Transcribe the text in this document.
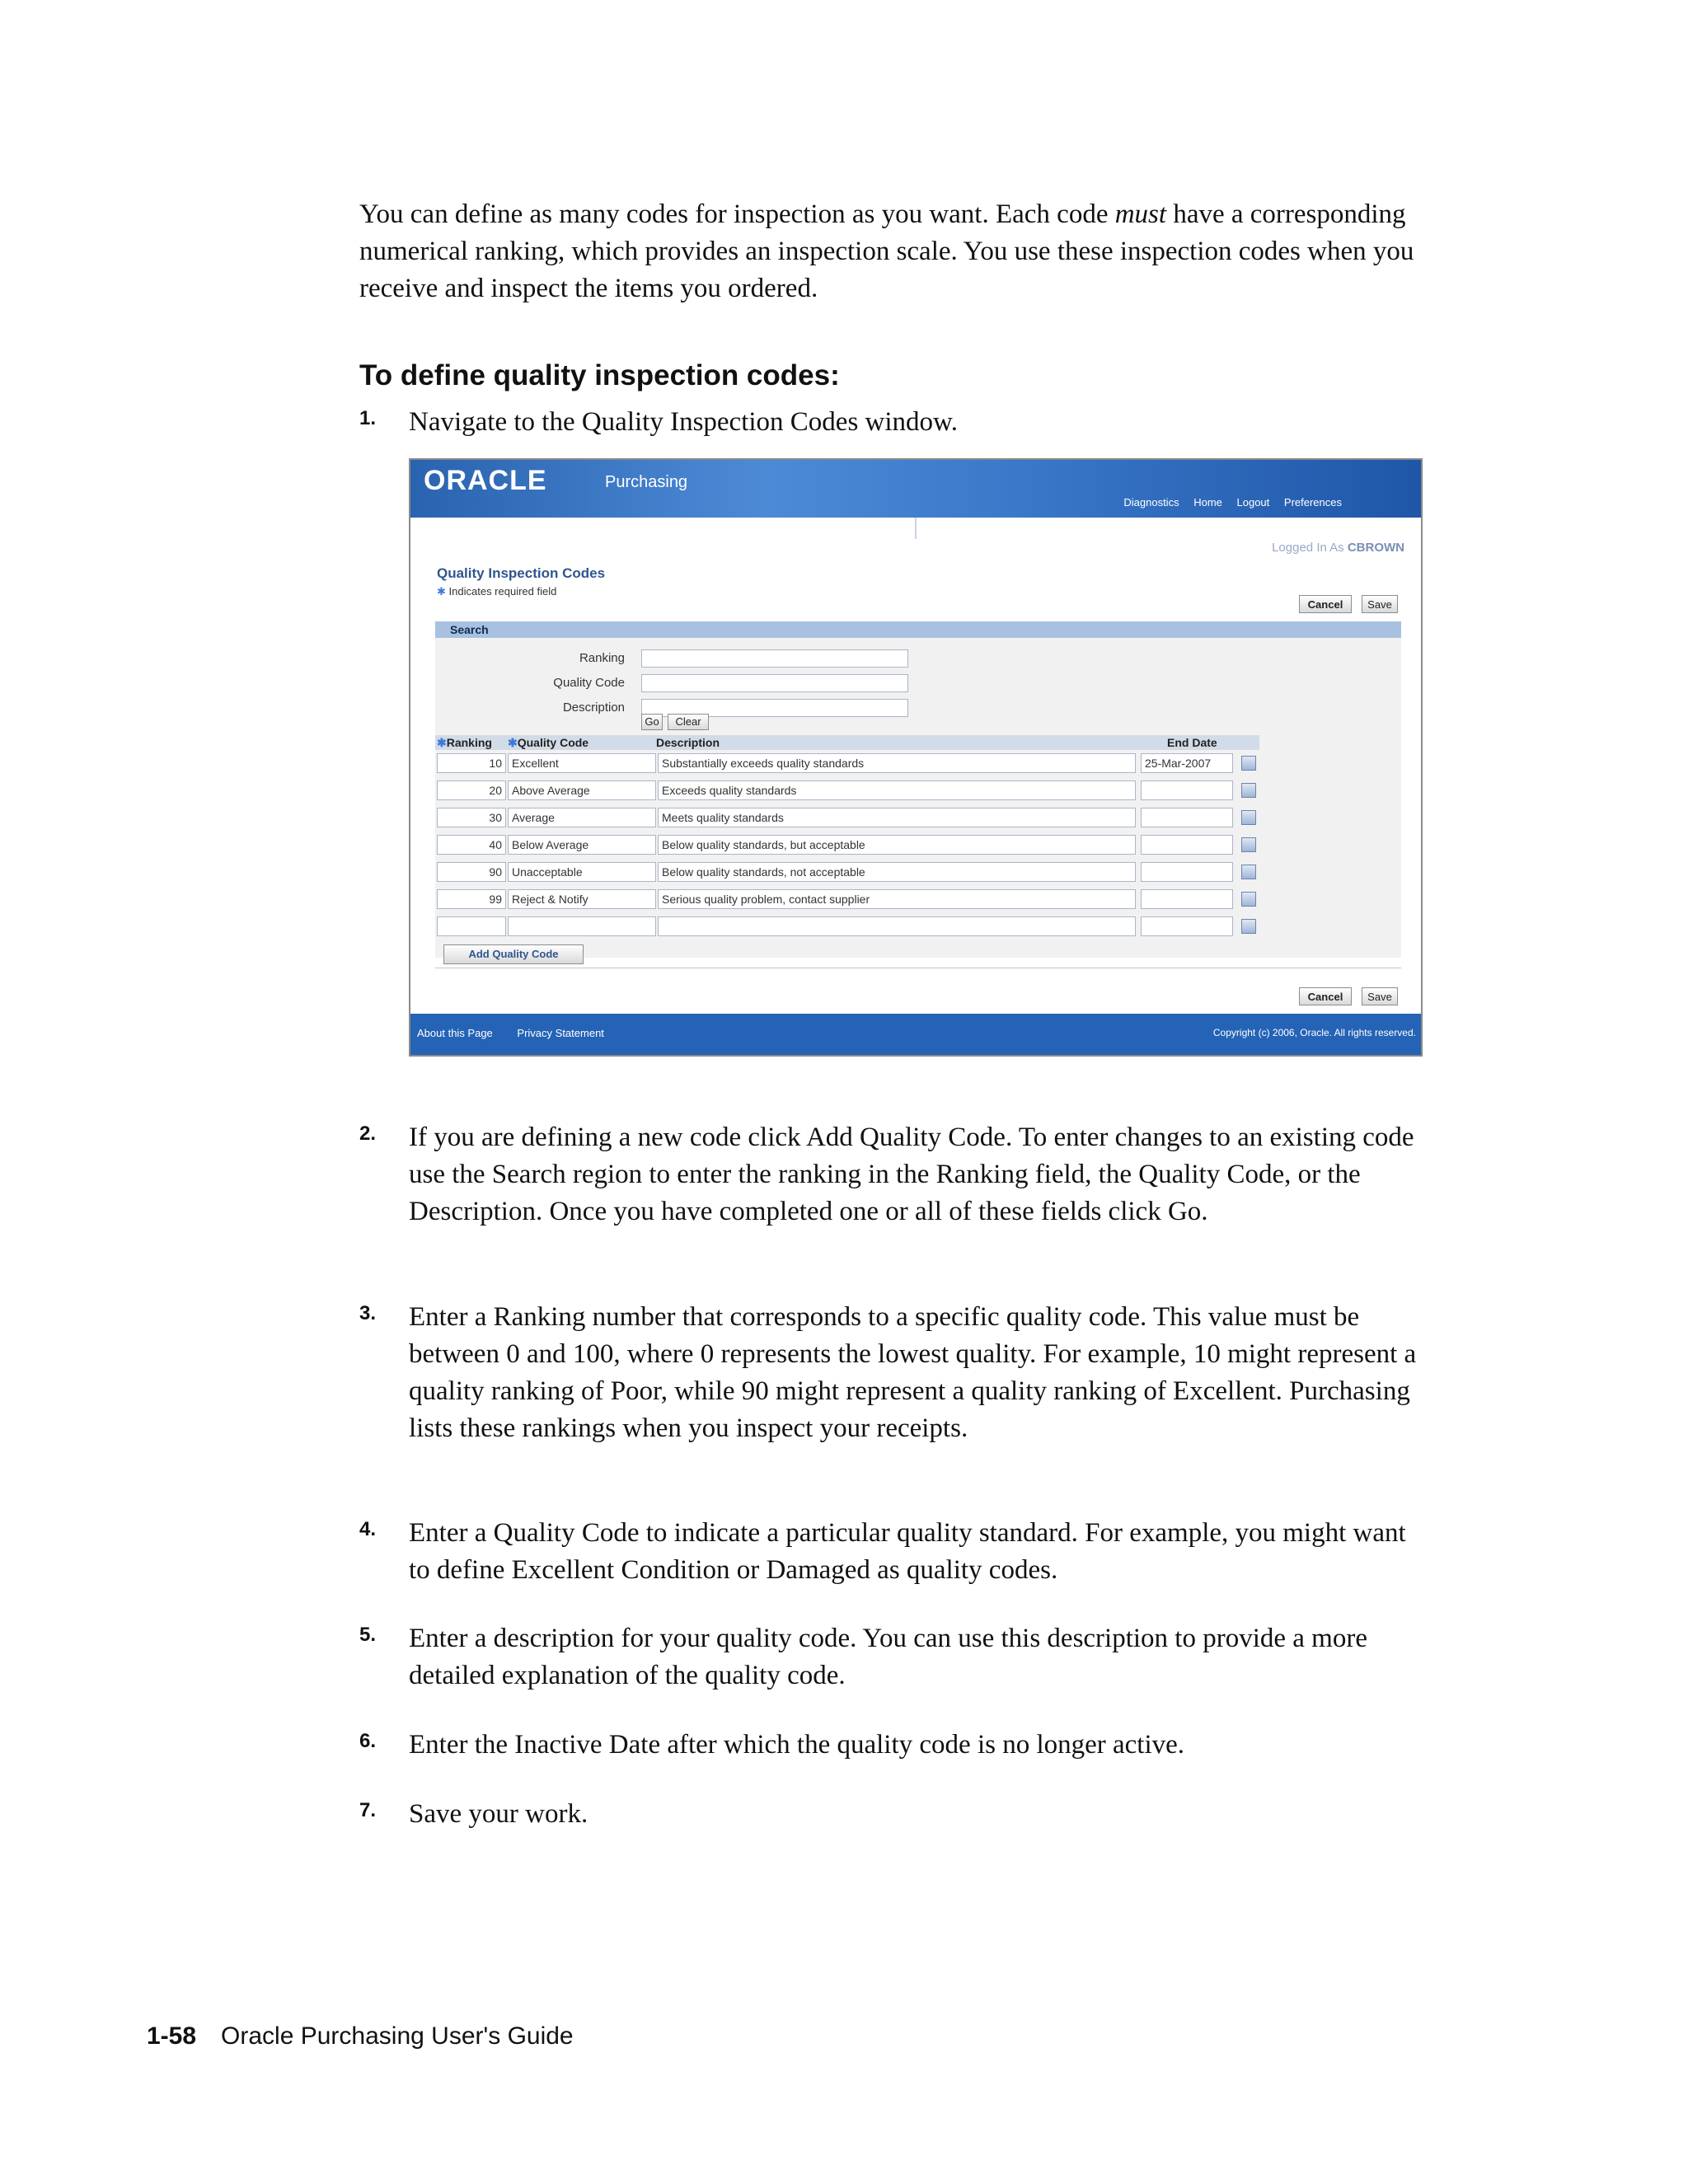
You can define as many codes for inspection as you want. Each code must have a corresponding numerical ranking, which provides an inspection scale. You use these inspection codes when you receive and inspect the items you ordered.

To define quality inspection codes:
1.	Navigate to the Quality Inspection Codes window.
ORACLE	Purchasing
Diagnostics Home Logout Preferences
Logged In As CBROWN
Quality Inspection Codes
✱ Indicates required field
Cancel	Save
Search
Ranking
Quality Code
Description
Go	Clear
✱Ranking ✱Quality Code	Description	End Date
10 Excellent	Substantially exceeds quality standards	25-Mar-2007
20 Above Average	Exceeds quality standards
30 Average	Meets quality standards
40 Below Average	Below quality standards, but acceptable
90 Unacceptable	Below quality standards, not acceptable
99 Reject & Notify	Serious quality problem, contact supplier
Add Quality Code
Cancel	Save
About this Page Privacy Statement	Copyright (c) 2006, Oracle. All rights reserved.
2.	If you are defining a new code click Add Quality Code. To enter changes to an existing code use the Search region to enter the ranking in the Ranking field, the Quality Code, or the Description. Once you have completed one or all of these fields click Go.
3.	Enter a Ranking number that corresponds to a specific quality code. This value must be between 0 and 100, where 0 represents the lowest quality. For example, 10 might represent a quality ranking of Poor, while 90 might represent a quality ranking of Excellent. Purchasing lists these rankings when you inspect your receipts.
4.	Enter a Quality Code to indicate a particular quality standard. For example, you might want to define Excellent Condition or Damaged as quality codes.
5.	Enter a description for your quality code. You can use this description to provide a more detailed explanation of the quality code.
6.	Enter the Inactive Date after which the quality code is no longer active.
7.	Save your work.
1-58 Oracle Purchasing User's Guide
